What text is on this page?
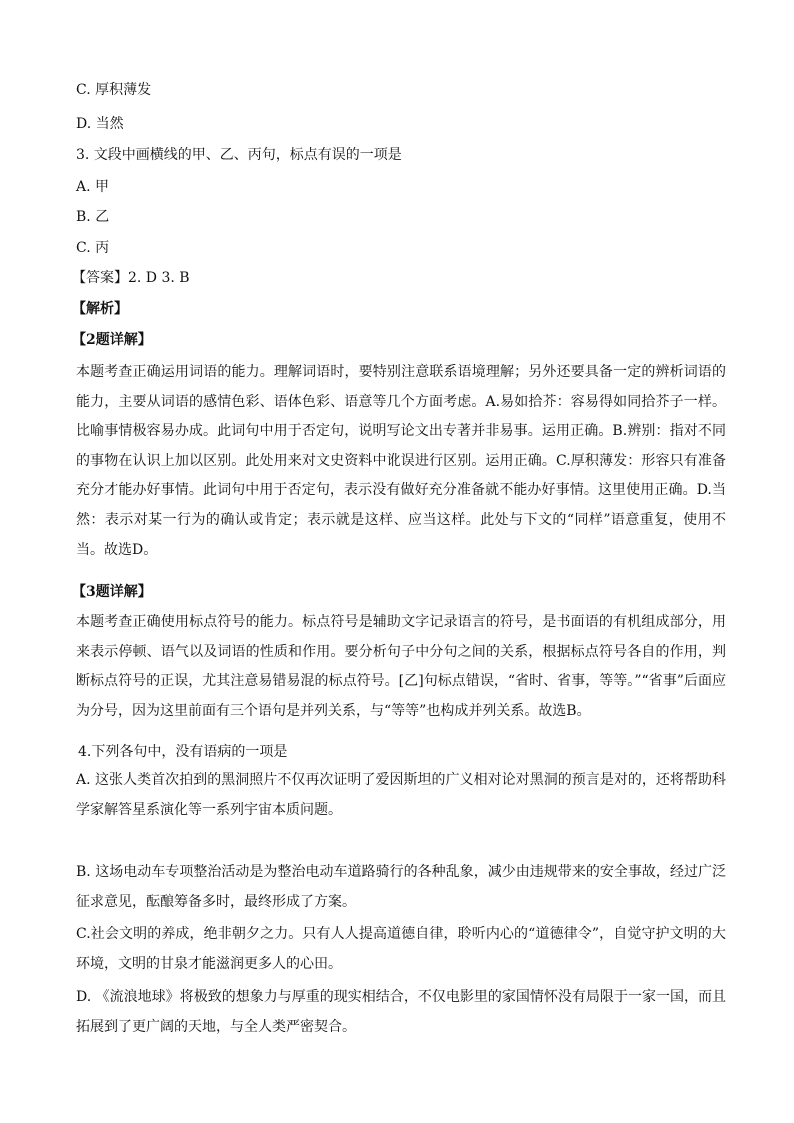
C. 厚积薄发
D. 当然
3. 文段中画横线的甲、乙、丙句，标点有误的一项是
A. 甲
B. 乙
C. 丙
【答案】2. D 3. B
【解析】
【2题详解】
本题考查正确运用词语的能力。理解词语时，要特别注意联系语境理解；另外还要具备一定的辨析词语的能力，主要从词语的感情色彩、语体色彩、语意等几个方面考虑。A.易如拾芥：容易得如同拾芥子一样。比喻事情极容易办成。此词句中用于否定句，说明写论文出专著并非易事。运用正确。B.辨别：指对不同的事物在认识上加以区别。此处用来对文史资料中讹误进行区别。运用正确。C.厚积薄发：形容只有准备充分才能办好事情。此词句中用于否定句，表示没有做好充分准备就不能办好事情。这里使用正确。D.当然：表示对某一行为的确认或肯定；表示就是这样、应当这样。此处与下文的“同样”语意重复，使用不当。故选D。
【3题详解】
本题考查正确使用标点符号的能力。标点符号是辅助文字记录语言的符号，是书面语的有机组成部分，用来表示停顿、语气以及词语的性质和作用。要分析句子中分句之间的关系，根据标点符号各自的作用，判断标点符号的正误，尤其注意易错易混的标点符号。[乙]句标点错误，“省时、省事，等等。”“省事”后面应为分号，因为这里前面有三个语句是并列关系，与“等等”也构成并列关系。故选B。
4.下列各句中，没有语病的一项是
A. 这张人类首次拍到的黑洞照片不仅再次证明了爱因斯坦的广义相对论对黑洞的预言是对的，还将帮助科学家解答星系演化等一系列宇宙本质问题。
B. 这场电动车专项整治活动是为整治电动车道路骑行的各种乱象，减少由违规带来的安全事故，经过广泛征求意见，酝酿筹备多时，最终形成了方案。
C.社会文明的养成，绝非朝夕之力。只有人人提高道德自律，聆听内心的“道德律令”，自觉守护文明的大环境，文明的甘泉才能滋润更多人的心田。
D. 《流浪地球》将极致的想象力与厚重的现实相结合，不仅电影里的家国情怀没有局限于一家一国，而且拓展到了更广阔的天地，与全人类严密契合。
